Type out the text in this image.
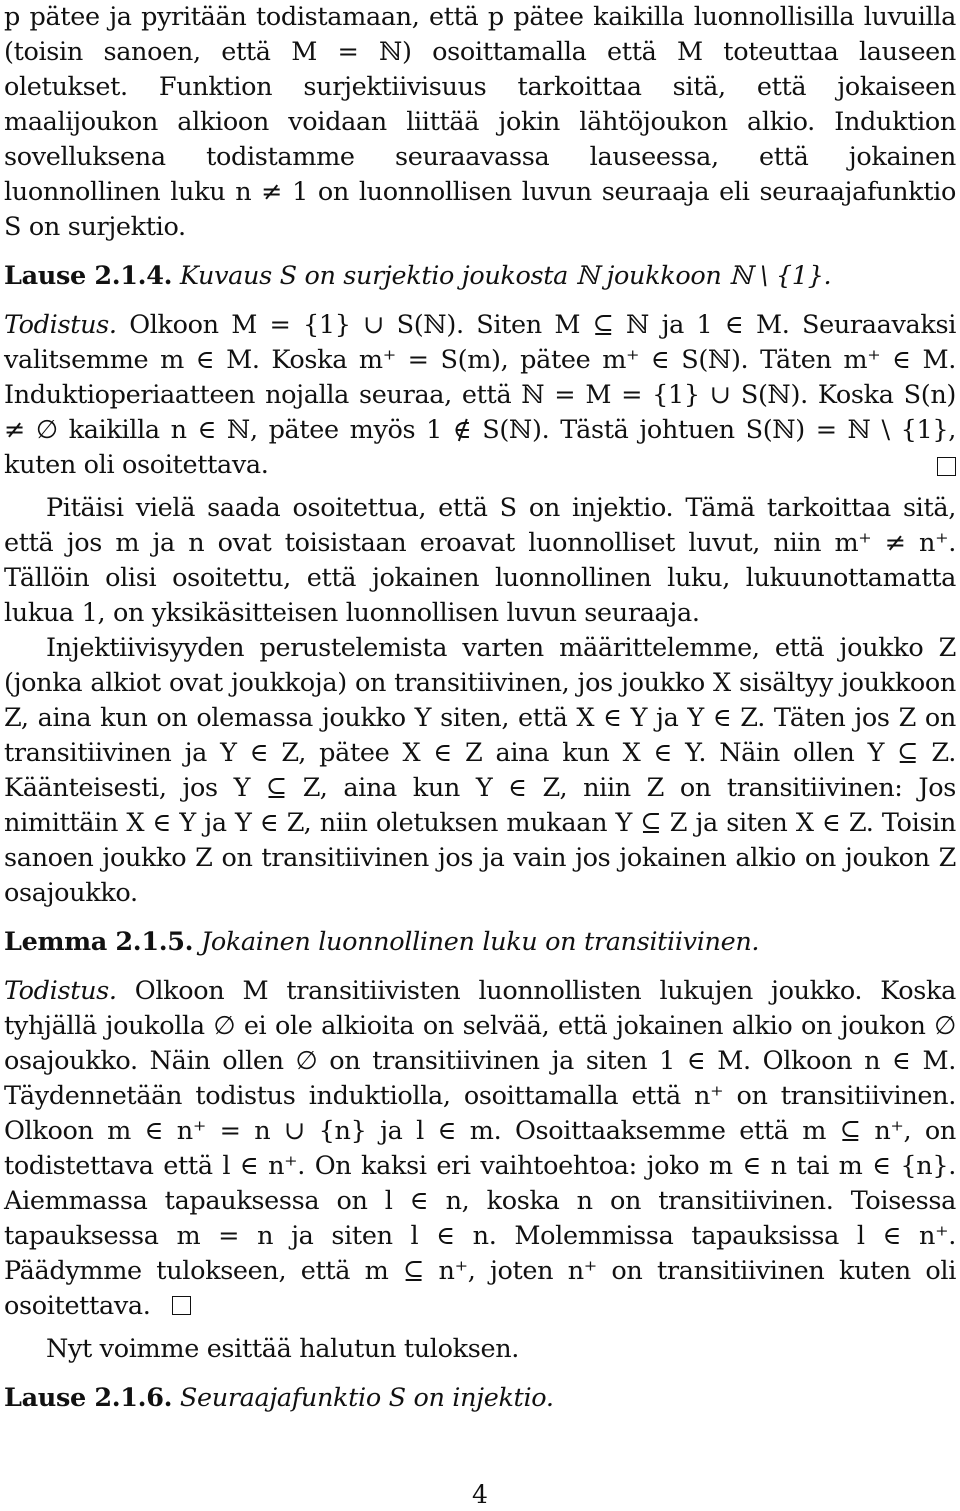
p pätee ja pyritään todistamaan, että p pätee kaikilla luonnollisilla luvuilla (toisin sanoen, että M = ℕ) osoittamalla että M toteuttaa lauseen oletukset. Funktion surjektiivisuus tarkoittaa sitä, että jokaiseen maalijoukon alkioon voidaan liittää jokin lähtöjoukon alkio. Induktion sovelluksena todistamme seuraavassa lauseessa, että jokainen luonnollinen luku n ≠ 1 on luonnollisen luvun seuraaja eli seuraajafunktio S on surjektio.

Lause 2.1.4. Kuvaus S on surjektio joukosta ℕ joukkoon ℕ \ {1}.

Todistus. Olkoon M = {1} ∪ S(ℕ). Siten M ⊆ ℕ ja 1 ∈ M. Seuraavaksi valitsemme m ∈ M. Koska m⁺ = S(m), pätee m⁺ ∈ S(ℕ). Täten m⁺ ∈ M. Induktioperiaatteen nojalla seuraa, että ℕ = M = {1} ∪ S(ℕ). Koska S(n) ≠ ∅ kaikilla n ∈ ℕ, pätee myös 1 ∉ S(ℕ). Tästä johtuen S(ℕ) = ℕ \ {1}, kuten oli osoitettava.

Pitäisi vielä saada osoitettua, että S on injektio. Tämä tarkoittaa sitä, että jos m ja n ovat toisistaan eroavat luonnolliset luvut, niin m⁺ ≠ n⁺. Tällöin olisi osoitettu, että jokainen luonnollinen luku, lukuunottamatta lukua 1, on yksikäsitteisen luonnollisen luvun seuraaja.

Injektiivisyyden perustelemista varten määrittelemme, että joukko Z (jonka alkiot ovat joukkoja) on transitiivinen, jos joukko X sisältyy joukkoon Z, aina kun on olemassa joukko Y siten, että X ∈ Y ja Y ∈ Z. Täten jos Z on transitiivinen ja Y ∈ Z, pätee X ∈ Z aina kun X ∈ Y. Näin ollen Y ⊆ Z. Käänteisesti, jos Y ⊆ Z, aina kun Y ∈ Z, niin Z on transitiivinen: Jos nimittäin X ∈ Y ja Y ∈ Z, niin oletuksen mukaan Y ⊆ Z ja siten X ∈ Z. Toisin sanoen joukko Z on transitiivinen jos ja vain jos jokainen alkio on joukon Z osajoukko.

Lemma 2.1.5. Jokainen luonnollinen luku on transitiivinen.

Todistus. Olkoon M transitiivisten luonnollisten lukujen joukko. Koska tyhjällä joukolla ∅ ei ole alkioita on selvää, että jokainen alkio on joukon ∅ osajoukko. Näin ollen ∅ on transitiivinen ja siten 1 ∈ M. Olkoon n ∈ M. Täydennetään todistus induktiolla, osoittamalla että n⁺ on transitiivinen. Olkoon m ∈ n⁺ = n ∪ {n} ja l ∈ m. Osoittaaksemme että m ⊆ n⁺, on todistettava että l ∈ n⁺. On kaksi eri vaihtoehtoa: joko m ∈ n tai m ∈ {n}. Aiemmassa tapauksessa on l ∈ n, koska n on transitiivinen. Toisessa tapauksessa m = n ja siten l ∈ n. Molemmissa tapauksissa l ∈ n⁺. Päädymme tulokseen, että m ⊆ n⁺, joten n⁺ on transitiivinen kuten oli osoitettava.

Nyt voimme esittää halutun tuloksen.

Lause 2.1.6. Seuraajafunktio S on injektio.

4
